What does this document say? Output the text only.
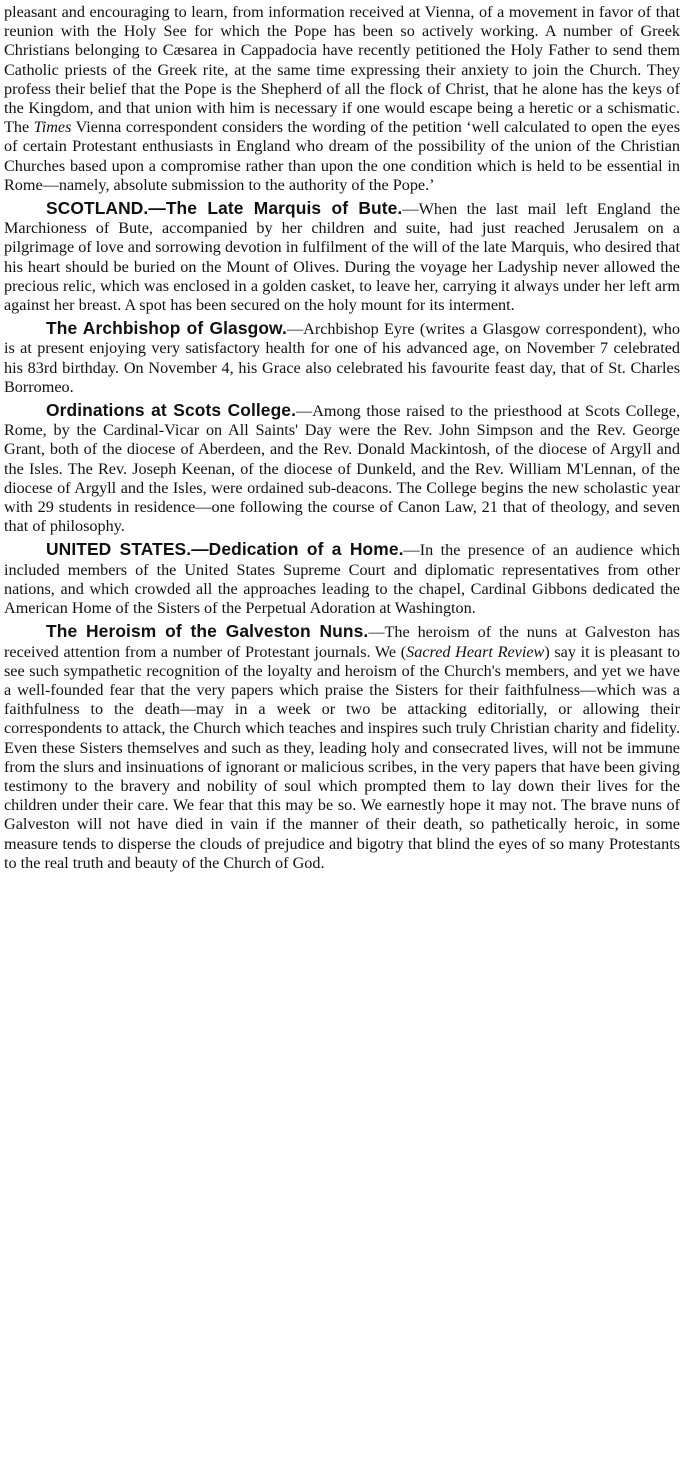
pleasant and encouraging to learn, from information received at Vienna, of a movement in favor of that reunion with the Holy See for which the Pope has been so actively working. A number of Greek Christians belonging to Cæsarea in Cappadocia have recently petitioned the Holy Father to send them Catholic priests of the Greek rite, at the same time expressing their anxiety to join the Church. They profess their belief that the Pope is the Shepherd of all the flock of Christ, that he alone has the keys of the Kingdom, and that union with him is necessary if one would escape being a heretic or a schismatic. The Times Vienna correspondent considers the wording of the petition ‘well calculated to open the eyes of certain Protestant enthusiasts in England who dream of the possibility of the union of the Christian Churches based upon a compromise rather than upon the one condition which is held to be essential in Rome—namely, absolute submission to the authority of the Pope.’

SCOTLAND.—The Late Marquis of Bute.—When the last mail left England the Marchioness of Bute, accompanied by her children and suite, had just reached Jerusalem on a pilgrimage of love and sorrowing devotion in fulfilment of the will of the late Marquis, who desired that his heart should be buried on the Mount of Olives. During the voyage her Ladyship never allowed the precious relic, which was enclosed in a golden casket, to leave her, carrying it always under her left arm against her breast. A spot has been secured on the holy mount for its interment.

The Archbishop of Glasgow.—Archbishop Eyre (writes a Glasgow correspondent), who is at present enjoying very satisfactory health for one of his advanced age, on November 7 celebrated his 83rd birthday. On November 4, his Grace also celebrated his favourite feast day, that of St. Charles Borromeo.

Ordinations at Scots College.—Among those raised to the priesthood at Scots College, Rome, by the Cardinal-Vicar on All Saints' Day were the Rev. John Simpson and the Rev. George Grant, both of the diocese of Aberdeen, and the Rev. Donald Mackintosh, of the diocese of Argyll and the Isles. The Rev. Joseph Keenan, of the diocese of Dunkeld, and the Rev. William M'Lennan, of the diocese of Argyll and the Isles, were ordained sub-deacons. The College begins the new scholastic year with 29 students in residence—one following the course of Canon Law, 21 that of theology, and seven that of philosophy.

UNITED STATES.—Dedication of a Home.—In the presence of an audience which included members of the United States Supreme Court and diplomatic representatives from other nations, and which crowded all the approaches leading to the chapel, Cardinal Gibbons dedicated the American Home of the Sisters of the Perpetual Adoration at Washington.

The Heroism of the Galveston Nuns.—The heroism of the nuns at Galveston has received attention from a number of Protestant journals. We (Sacred Heart Review) say it is pleasant to see such sympathetic recognition of the loyalty and heroism of the Church's members, and yet we have a well-founded fear that the very papers which praise the Sisters for their faithfulness—which was a faithfulness to the death—may in a week or two be attacking editorially, or allowing their correspondents to attack, the Church which teaches and inspires such truly Christian charity and fidelity. Even these Sisters themselves and such as they, leading holy and consecrated lives, will not be immune from the slurs and insinuations of ignorant or malicious scribes, in the very papers that have been giving testimony to the bravery and nobility of soul which prompted them to lay down their lives for the children under their care. We fear that this may be so. We earnestly hope it may not. The brave nuns of Galveston will not have died in vain if the manner of their death, so pathetically heroic, in some measure tends to disperse the clouds of prejudice and bigotry that blind the eyes of so many Protestants to the real truth and beauty of the Church of God.
